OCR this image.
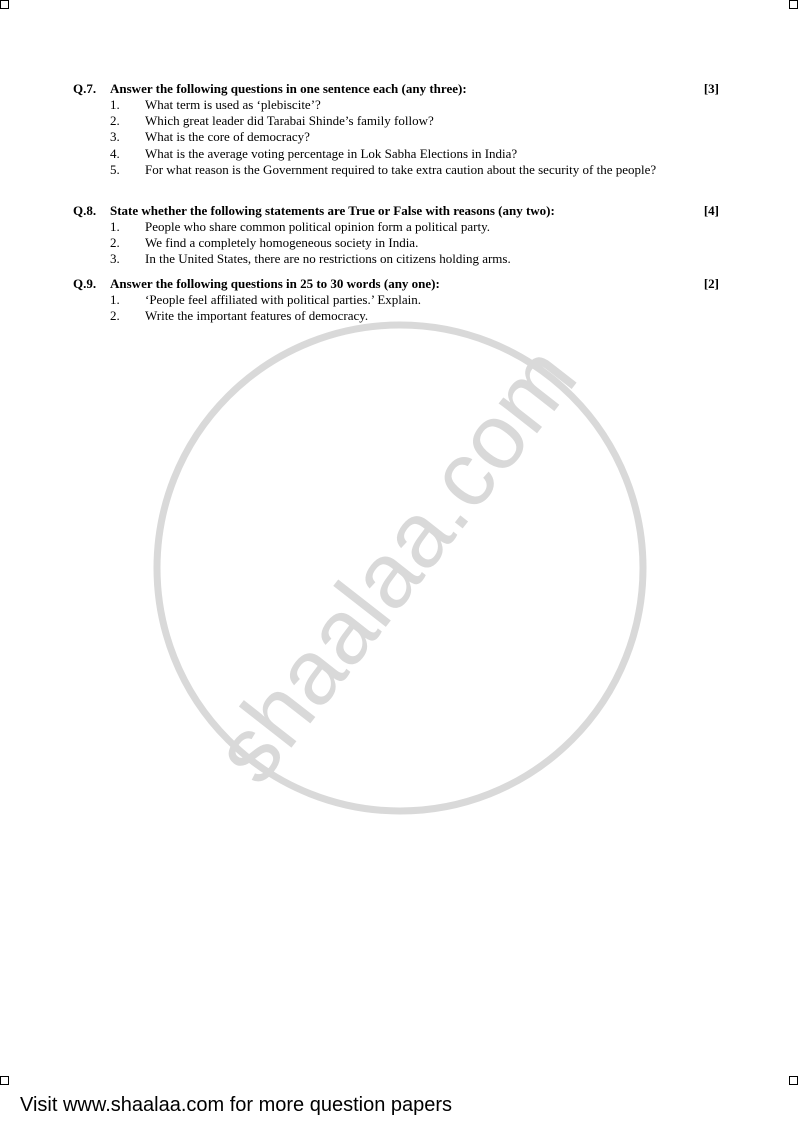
shaalaa.com
Q.7. Answer the following questions in one sentence each (any three):	[3]
1. What term is used as ‘plebiscite’?
2. Which great leader did Tarabai Shinde’s family follow?
3. What is the core of democracy?
4. What is the average voting percentage in Lok Sabha Elections in India?
5. For what reason is the Government required to take extra caution about the security of the people?
Q.8. State whether the following statements are True or False with reasons (any two):	[4]
1. People who share common political opinion form a political party.
2. We find a completely homogeneous society in India.
3. In the United States, there are no restrictions on citizens holding arms.
Q.9. Answer the following questions in 25 to 30 words (any one):	[2]
1. ‘People feel affiliated with political parties.’ Explain.
2. Write the important features of democracy.
Visit www.shaalaa.com for more question papers
